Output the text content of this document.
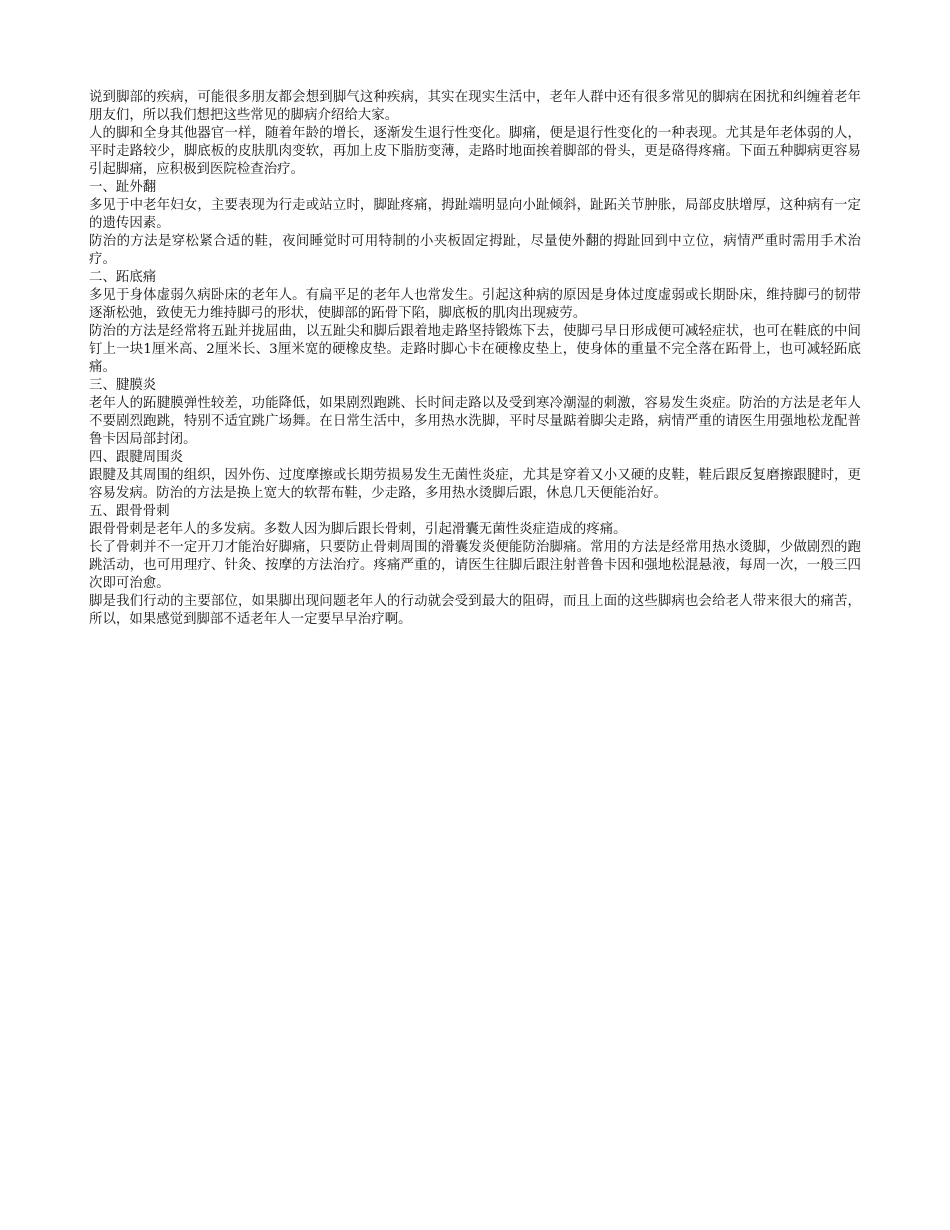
说到脚部的疾病，可能很多朋友都会想到脚气这种疾病，其实在现实生活中，老年人群中还有很多常见的脚病在困扰和纠缠着老年朋友们，所以我们想把这些常见的脚病介绍给大家。

人的脚和全身其他器官一样，随着年龄的增长，逐渐发生退行性变化。脚痛，便是退行性变化的一种表现。尤其是年老体弱的人，平时走路较少，脚底板的皮肤肌肉变软，再加上皮下脂肪变薄，走路时地面挨着脚部的骨头，更是硌得疼痛。下面五种脚病更容易引起脚痛，应积极到医院检查治疗。

一、趾外翻

多见于中老年妇女，主要表现为行走或站立时，脚趾疼痛，拇趾端明显向小趾倾斜，趾跖关节肿胀，局部皮肤增厚，这种病有一定的遗传因素。

防治的方法是穿松紧合适的鞋，夜间睡觉时可用特制的小夹板固定拇趾，尽量使外翻的拇趾回到中立位，病情严重时需用手术治疗。

二、跖底痛

多见于身体虚弱久病卧床的老年人。有扁平足的老年人也常发生。引起这种病的原因是身体过度虚弱或长期卧床，维持脚弓的韧带逐渐松弛，致使无力维持脚弓的形状，使脚部的跖骨下陷，脚底板的肌肉出现疲劳。

防治的方法是经常将五趾并拢屈曲，以五趾尖和脚后跟着地走路坚持锻炼下去，使脚弓早日形成便可减轻症状，也可在鞋底的中间钉上一块1厘米高、2厘米长、3厘米宽的硬橡皮垫。走路时脚心卡在硬橡皮垫上，使身体的重量不完全落在跖骨上，也可减轻跖底痛。

三、腱膜炎

老年人的跖腱膜弹性较差，功能降低，如果剧烈跑跳、长时间走路以及受到寒冷潮湿的刺激，容易发生炎症。防治的方法是老年人不要剧烈跑跳，特别不适宜跳广场舞。在日常生活中，多用热水洗脚，平时尽量踮着脚尖走路，病情严重的请医生用强地松龙配普鲁卡因局部封闭。

四、跟腱周围炎

跟腱及其周围的组织，因外伤、过度摩擦或长期劳损易发生无菌性炎症，尤其是穿着又小又硬的皮鞋，鞋后跟反复磨擦跟腱时，更容易发病。防治的方法是换上宽大的软帮布鞋，少走路，多用热水烫脚后跟，休息几天便能治好。

五、跟骨骨刺

跟骨骨刺是老年人的多发病。多数人因为脚后跟长骨刺，引起滑囊无菌性炎症造成的疼痛。

长了骨刺并不一定开刀才能治好脚痛，只要防止骨刺周围的滑囊发炎便能防治脚痛。常用的方法是经常用热水烫脚，少做剧烈的跑跳活动，也可用理疗、针灸、按摩的方法治疗。疼痛严重的，请医生往脚后跟注射普鲁卡因和强地松混悬液，每周一次，一般三四次即可治愈。

脚是我们行动的主要部位，如果脚出现问题老年人的行动就会受到最大的阻碍，而且上面的这些脚病也会给老人带来很大的痛苦，所以，如果感觉到脚部不适老年人一定要早早治疗啊。
